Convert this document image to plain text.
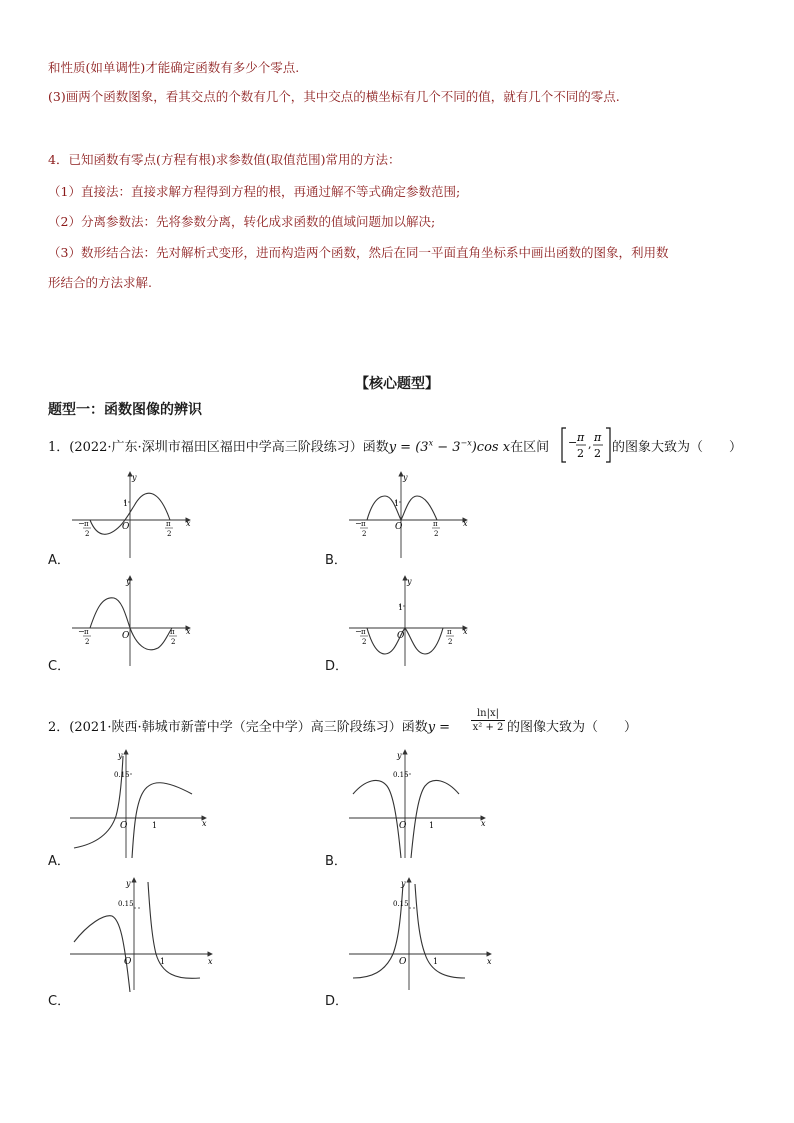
和性质(如单调性)才能确定函数有多少个零点.
(3)画两个函数图象，看其交点的个数有几个，其中交点的横坐标有几个不同的值，就有几个不同的零点.
4．已知函数有零点(方程有根)求参数值(取值范围)常用的方法：
（1）直接法：直接求解方程得到方程的根，再通过解不等式确定参数范围;
（2）分离参数法：先将参数分离，转化成求函数的值域问题加以解决;
（3）数形结合法：先对解析式变形，进而构造两个函数，然后在同一平面直角坐标系中画出函数的图象，利用数
形结合的方法求解.
【核心题型】
题型一：函数图像的辨识
1．(2022·广东·深圳市福田区福田中学高三阶段练习）函数$y = (3^x - 3^{-x})\cos$ x在区间 − π
2
,
π
2 的图象大致为（　　）
y
x
1
O
− π
2
π
2
A．
y
x
1
O
− π
2
π
2
B．
y
x
O
− π
2
π
2
C．
y
x
1
O
− π
2
π
2
D．
2．(2021·陕西·韩城市新蕾中学（完全中学）高三阶段练习）函数$y = \frac{\ln|x|}{\text{x² + 2}}$ 的图像大致为（　　）
y
x
0.15
O	1
A．
y
x
0.15
O	1
B．
y
x
0.15
O	1
C．
y
x
0.15
O	1
D．
